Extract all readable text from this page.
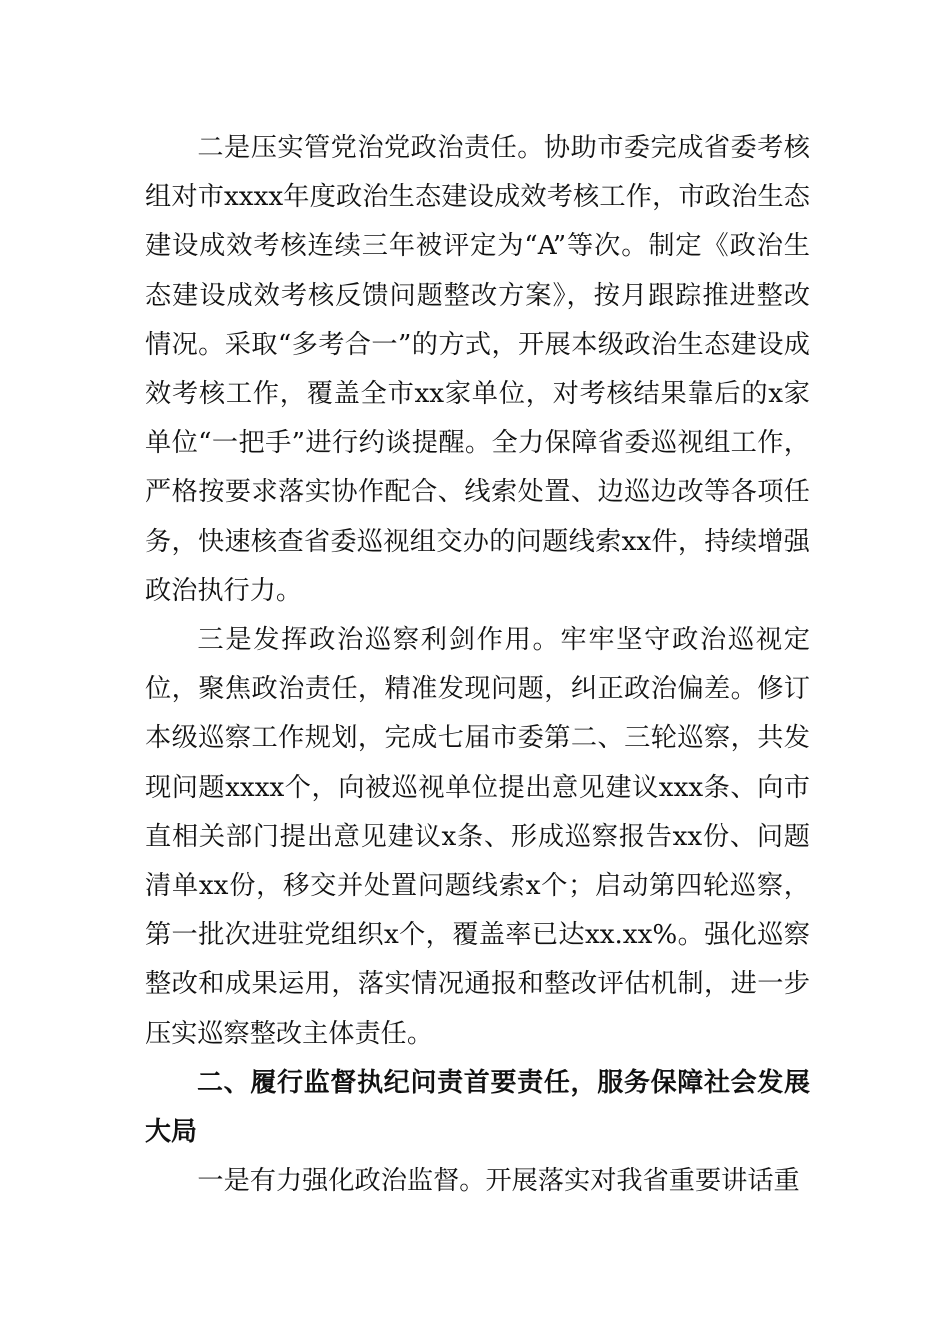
二是压实管党治党政治责任。协助市委完成省委考核组对市xxxx年度政治生态建设成效考核工作，市政治生态建设成效考核连续三年被评定为“A”等次。制定《政治生态建设成效考核反馈问题整改方案》，按月跟踪推进整改情况。采取“多考合一”的方式，开展本级政治生态建设成效考核工作，覆盖全市xx家单位，对考核结果靠后的x家单位“一把手”进行约谈提醒。全力保障省委巡视组工作，严格按要求落实协作配合、线索处置、边巡边改等各项任务，快速核查省委巡视组交办的问题线索xx件，持续增强政治执行力。

三是发挥政治巡察利剑作用。牢牢坚守政治巡视定位，聚焦政治责任，精准发现问题，纠正政治偏差。修订本级巡察工作规划，完成七届市委第二、三轮巡察，共发现问题xxxx个，向被巡视单位提出意见建议xxx条、向市直相关部门提出意见建议x条、形成巡察报告xx份、问题清单xx份，移交并处置问题线索x个；启动第四轮巡察，第一批次进驻党组织x个，覆盖率已达xx.xx%。强化巡察整改和成果运用，落实情况通报和整改评估机制，进一步压实巡察整改主体责任。

二、履行监督执纪问责首要责任，服务保障社会发展大局

一是有力强化政治监督。开展落实对我省重要讲话重
